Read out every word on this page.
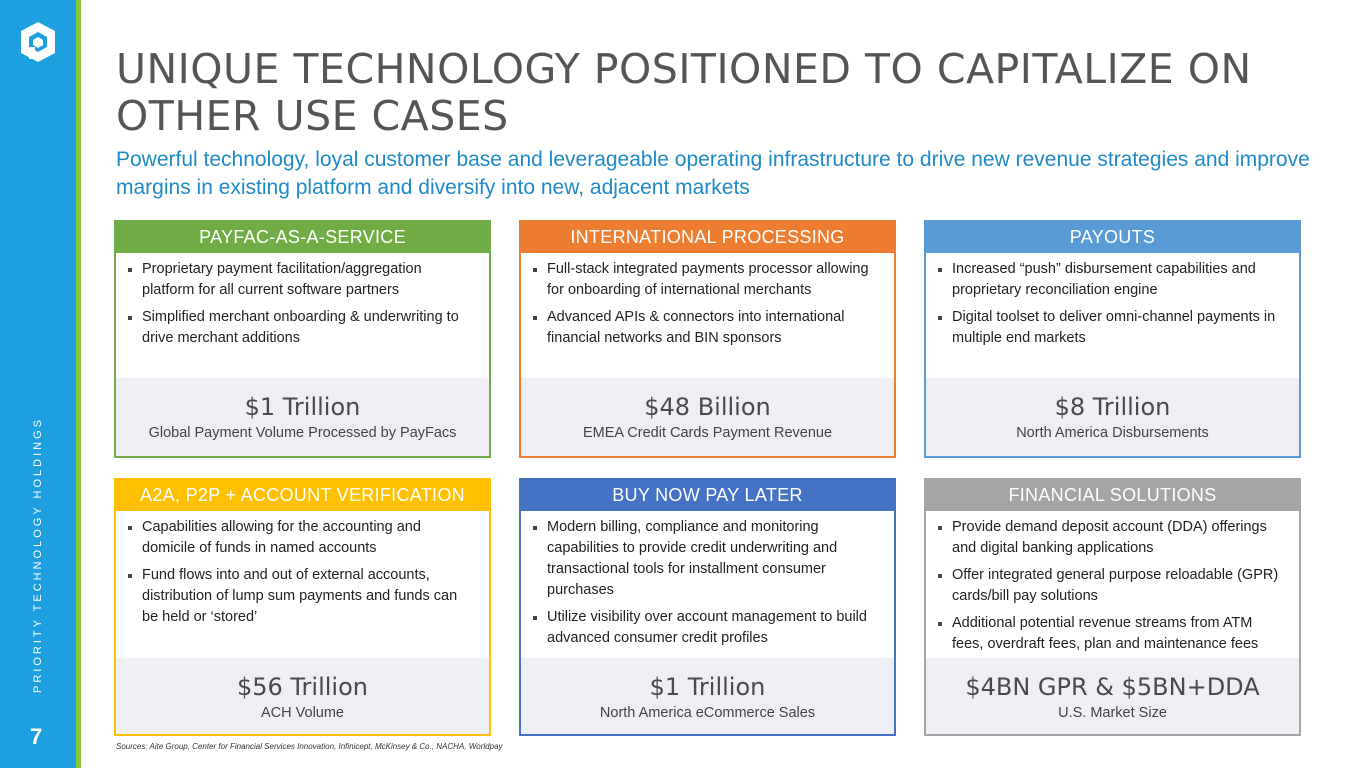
PRIORITY TECHNOLOGY HOLDINGS
7
UNIQUE TECHNOLOGY POSITIONED TO CAPITALIZE ON OTHER USE CASES

Powerful technology, loyal customer base and leverageable operating infrastructure to drive new revenue strategies and improve margins in existing platform and diversify into new, adjacent markets

PAYFAC-AS-A-SERVICE
Proprietary payment facilitation/aggregation platform for all current software partners
Simplified merchant onboarding & underwriting to drive merchant additions
$1 Trillion
Global Payment Volume Processed by PayFacs
INTERNATIONAL PROCESSING
Full-stack integrated payments processor allowing for onboarding of international merchants
Advanced APIs & connectors into international financial networks and BIN sponsors
$48 Billion
EMEA Credit Cards Payment Revenue
PAYOUTS
Increased “push” disbursement capabilities and proprietary reconciliation engine
Digital toolset to deliver omni-channel payments in multiple end markets
$8 Trillion
North America Disbursements
A2A, P2P + ACCOUNT VERIFICATION
Capabilities allowing for the accounting and domicile of funds in named accounts
Fund flows into and out of external accounts, distribution of lump sum payments and funds can be held or ‘stored’
$56 Trillion
ACH Volume
BUY NOW PAY LATER
Modern billing, compliance and monitoring capabilities to provide credit underwriting and transactional tools for installment consumer purchases
Utilize visibility over account management to build advanced consumer credit profiles
$1 Trillion
North America eCommerce Sales
FINANCIAL SOLUTIONS
Provide demand deposit account (DDA) offerings and digital banking applications
Offer integrated general purpose reloadable (GPR) cards/bill pay solutions
Additional potential revenue streams from ATM fees, overdraft fees, plan and maintenance fees
$4BN GPR & $5BN+DDA
U.S. Market Size
Sources: Aite Group, Center for Financial Services Innovation, Infinicept, McKinsey & Co., NACHA, Worldpay
